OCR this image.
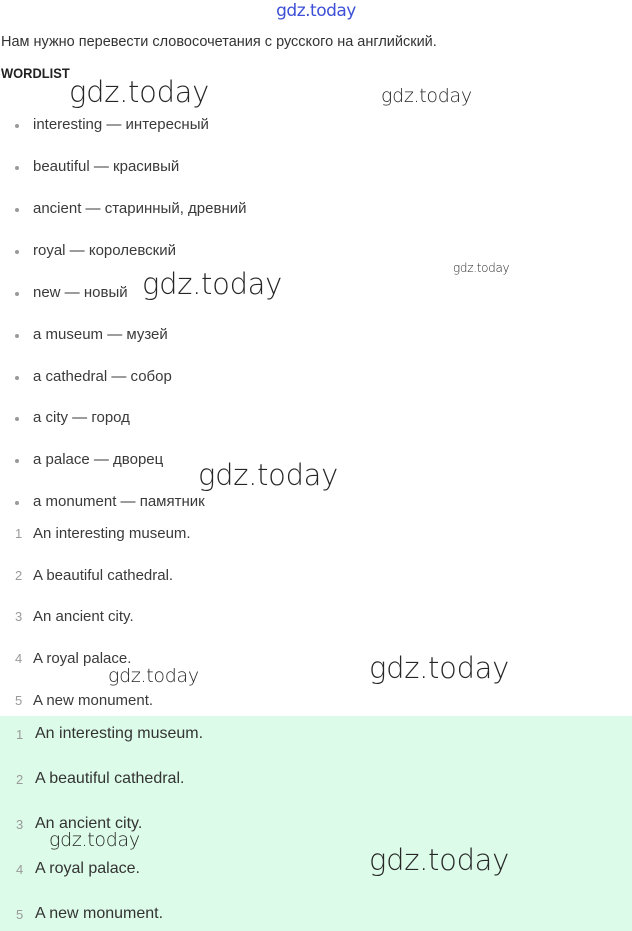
gdz.today
Нам нужно перевести словосочетания с русского на английский.
WORDLIST
interesting — интересный
beautiful — красивый
ancient — старинный, древний
royal — королевский
new — новый
a museum — музей
a cathedral — собор
a city — город
a palace — дворец
a monument — памятник
1 An interesting museum.
2 A beautiful cathedral.
3 An ancient city.
4 A royal palace.
5 A new monument.
1 An interesting museum.
2 A beautiful cathedral.
3 An ancient city.
4 A royal palace.
5 A new monument.
gdz.today	gdz.today
gdz.today	gdz.today
gdz.today
gdz.today
gdz.today
gdz.today
gdz.today
